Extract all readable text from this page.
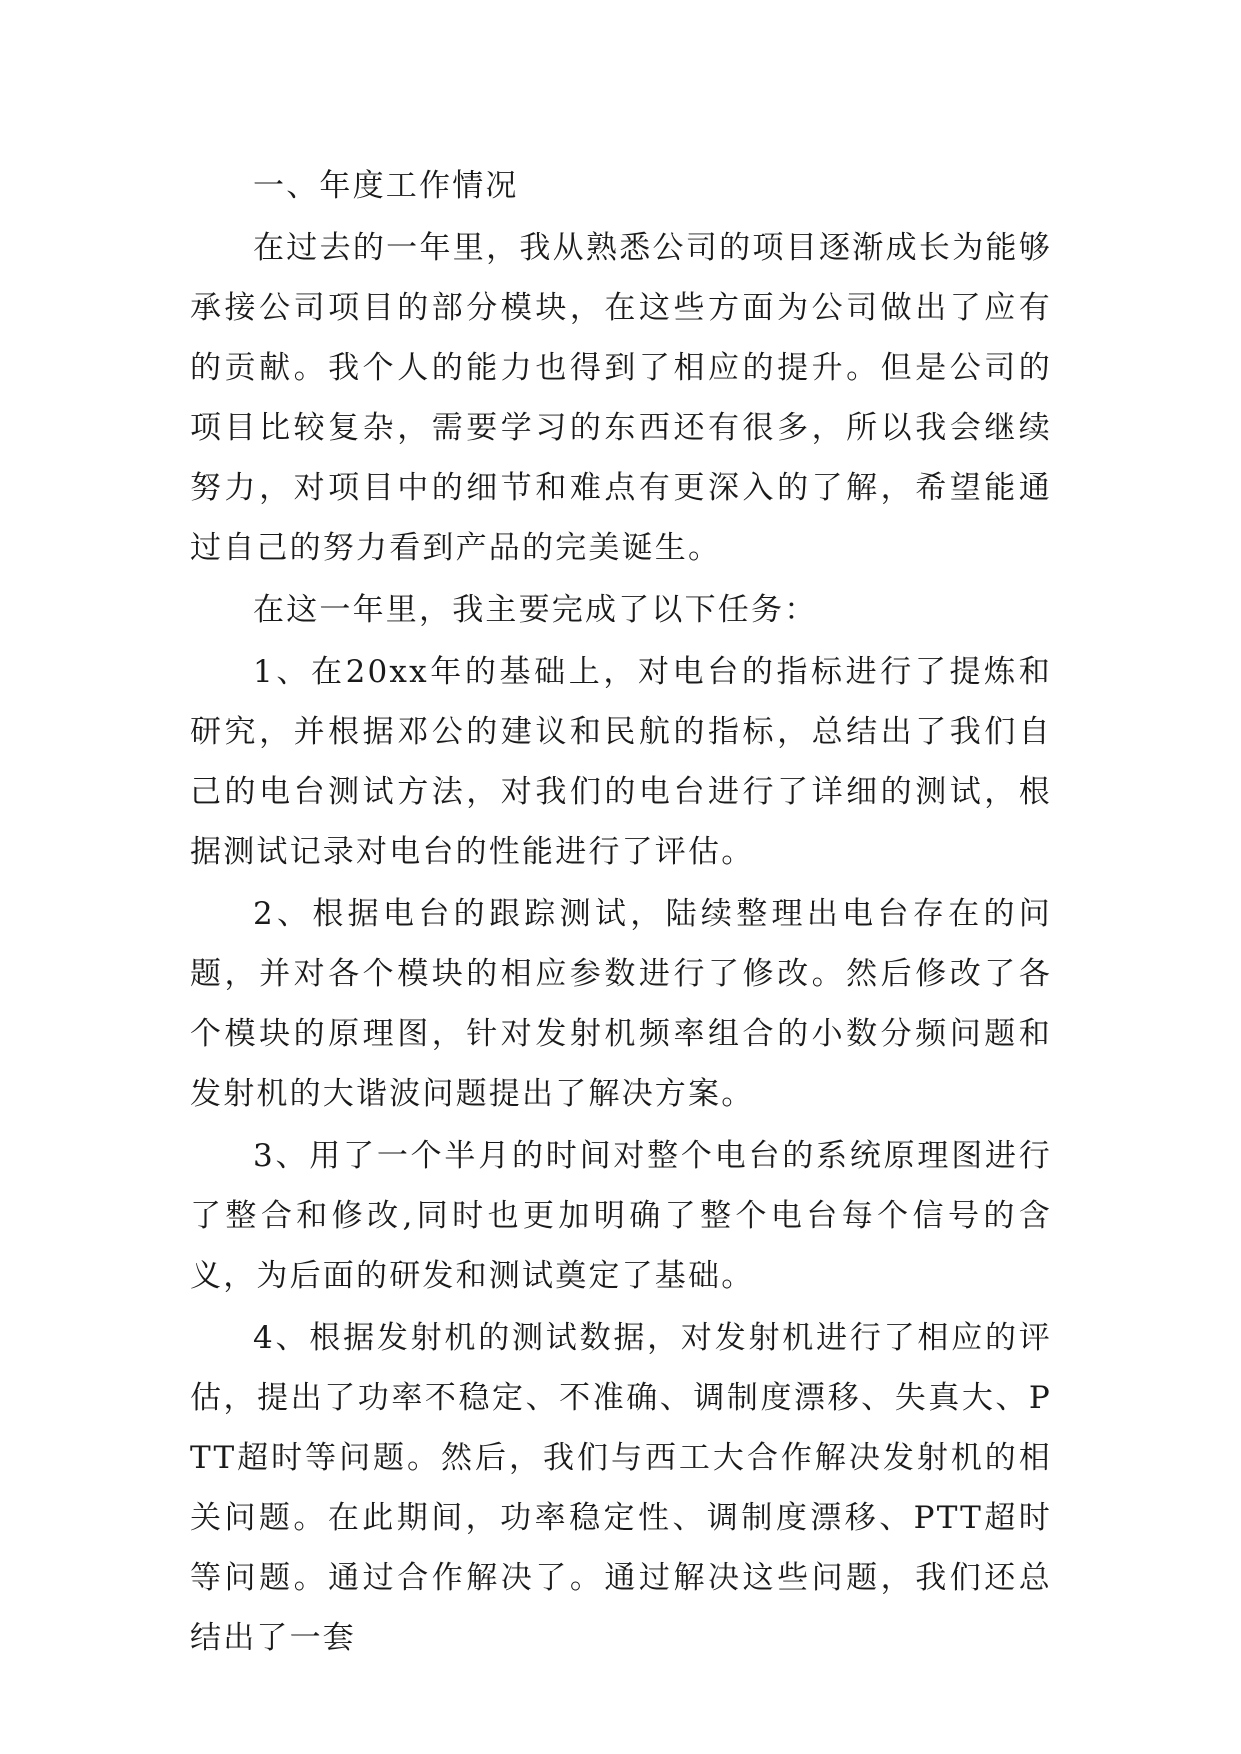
一、年度工作情况

在过去的一年里，我从熟悉公司的项目逐渐成长为能够承接公司项目的部分模块，在这些方面为公司做出了应有的贡献。我个人的能力也得到了相应的提升。但是公司的项目比较复杂，需要学习的东西还有很多，所以我会继续努力，对项目中的细节和难点有更深入的了解，希望能通过自己的努力看到产品的完美诞生。

在这一年里，我主要完成了以下任务：

1、在20xx年的基础上，对电台的指标进行了提炼和研究，并根据邓公的建议和民航的指标，总结出了我们自己的电台测试方法，对我们的电台进行了详细的测试，根据测试记录对电台的性能进行了评估。

2、根据电台的跟踪测试，陆续整理出电台存在的问题，并对各个模块的相应参数进行了修改。然后修改了各个模块的原理图，针对发射机频率组合的小数分频问题和发射机的大谐波问题提出了解决方案。

3、用了一个半月的时间对整个电台的系统原理图进行了整合和修改,同时也更加明确了整个电台每个信号的含义，为后面的研发和测试奠定了基础。

4、根据发射机的测试数据，对发射机进行了相应的评估，提出了功率不稳定、不准确、调制度漂移、失真大、PTT超时等问题。然后，我们与西工大合作解决发射机的相关问题。在此期间，功率稳定性、调制度漂移、PTT超时等问题。通过合作解决了。通过解决这些问题，我们还总结出了一套
